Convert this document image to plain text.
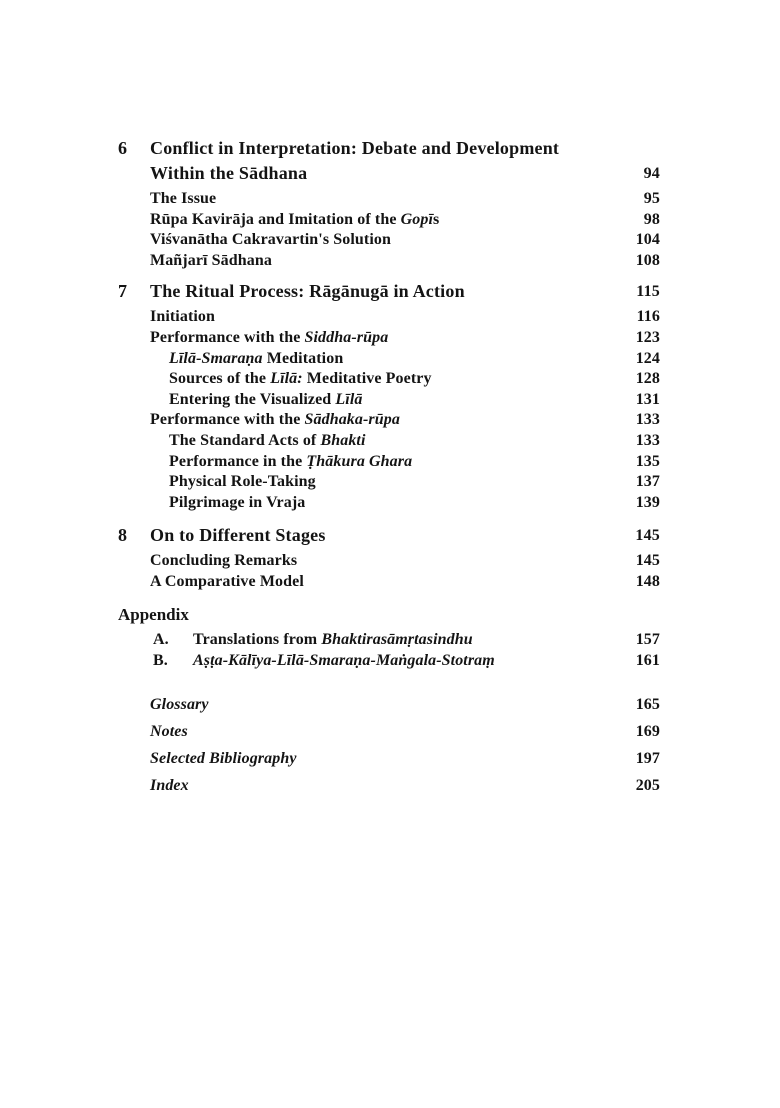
6	Conflict in Interpretation: Debate and Development
Within the Sādhana	94
The Issue	95
Rūpa Kavirāja and Imitation of the Gopīs	98
Viśvanātha Cakravartin's Solution	104
Mañjarī Sādhana	108
7	The Ritual Process: Rāgānugā in Action	115
Initiation	116
Performance with the Siddha-rūpa	123
Līlā-Smaraṇa Meditation	124
Sources of the Līlā: Meditative Poetry	128
Entering the Visualized Līlā	131
Performance with the Sādhaka-rūpa	133
The Standard Acts of Bhakti	133
Performance in the Ṭhākura Ghara	135
Physical Role-Taking	137
Pilgrimage in Vraja	139
8	On to Different Stages	145
Concluding Remarks	145
A Comparative Model	148
Appendix
A. Translations from Bhaktirasāmṛtasindhu	157
B. Aṣṭa-Kālīya-Līlā-Smaraṇa-Maṅgala-Stotraṃ	161
Glossary	165
Notes	169
Selected Bibliography	197
Index	205
